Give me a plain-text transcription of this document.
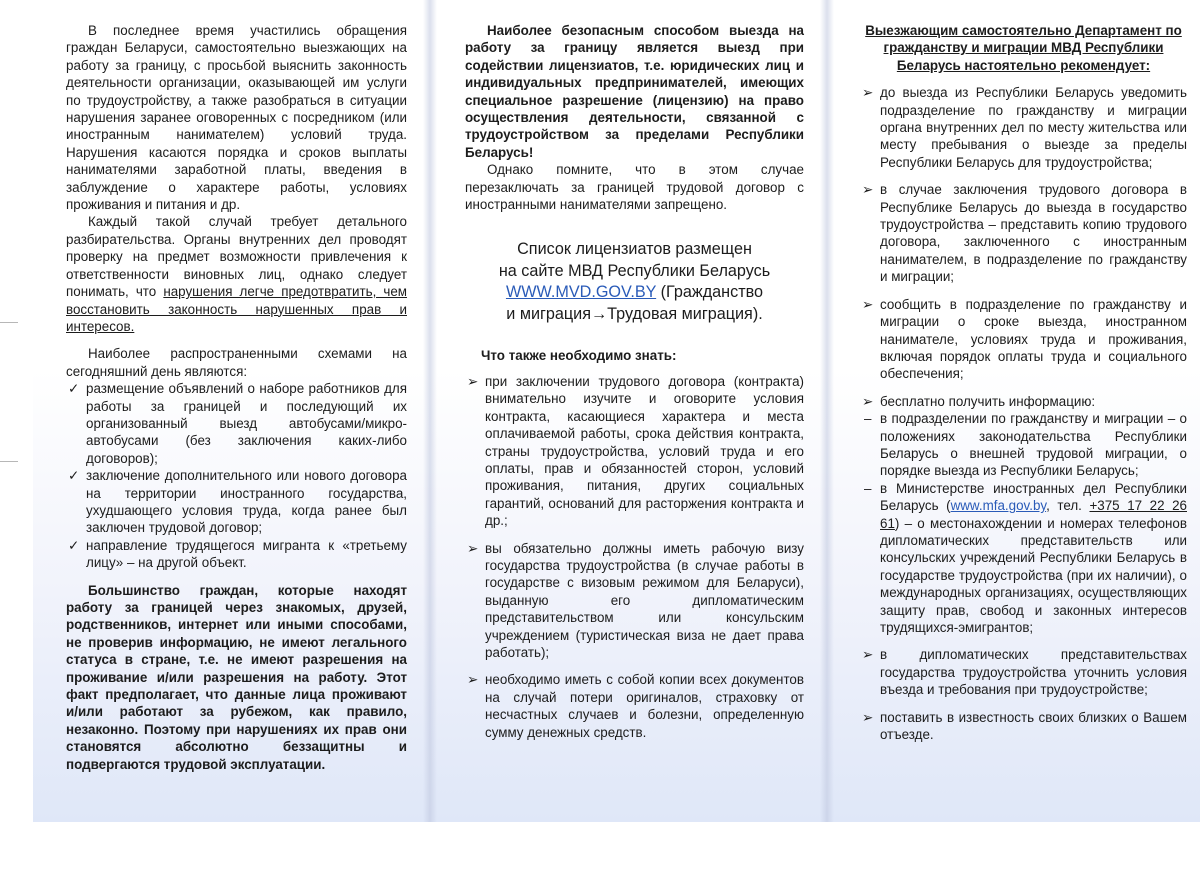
В последнее время участились обращения граждан Беларуси, самостоятельно выезжающих на работу за границу, с просьбой выяснить законность деятельности организации, оказывающей им услуги по трудоустройству, а также разобраться в ситуации нарушения заранее оговоренных с посредником (или иностранным нанимателем) условий труда. Нарушения касаются порядка и сроков выплаты нанимателями заработной платы, введения в заблуждение о характере работы, условиях проживания и питания и др.

Каждый такой случай требует детального разбирательства. Органы внутренних дел проводят проверку на предмет возможности привлечения к ответственности виновных лиц, однако следует понимать, что нарушения легче предотвратить, чем восстановить законность нарушенных прав и интересов.

Наиболее распространенными схемами на сегодняшний день являются:

✓ размещение объявлений о наборе работников для работы за границей и последующий их организованный выезд автобусами/микро-автобусами (без заключения каких-либо договоров);
✓ заключение дополнительного или нового договора на территории иностранного государства, ухудшающего условия труда, когда ранее был заключен трудовой договор;
✓ направление трудящегося мигранта к «третьему лицу» – на другой объект.

Большинство граждан, которые находят работу за границей через знакомых, друзей, родственников, интернет или иными способами, не проверив информацию, не имеют легального статуса в стране, т.е. не имеют разрешения на проживание и/или разрешения на работу. Этот факт предполагает, что данные лица проживают и/или работают за рубежом, как правило, незаконно. Поэтому при нарушениях их прав они становятся абсолютно беззащитны и подвергаются трудовой эксплуатации.

Наиболее безопасным способом выезда на работу за границу является выезд при содействии лицензиатов, т.е. юридических лиц и индивидуальных предпринимателей, имеющих специальное разрешение (лицензию) на право осуществления деятельности, связанной с трудоустройством за пределами Республики Беларусь!

Однако помните, что в этом случае перезаключать за границей трудовой договор с иностранными нанимателями запрещено.

Список лицензиатов размещен
на сайте МВД Республики Беларусь
WWW.MVD.GOV.BY (Гражданство
и миграция→Трудовая миграция).

Что также необходимо знать:

➢ при заключении трудового договора (контракта) внимательно изучите и оговорите условия контракта, касающиеся характера и места оплачиваемой работы, срока действия контракта, страны трудоустройства, условий труда и его оплаты, прав и обязанностей сторон, условий проживания, питания, других социальных гарантий, оснований для расторжения контракта и др.;
➢ вы обязательно должны иметь рабочую визу государства трудоустройства (в случае работы в государстве с визовым режимом для Беларуси), выданную его дипломатическим представительством или консульским учреждением (туристическая виза не дает права работать);
➢ необходимо иметь с собой копии всех документов на случай потери оригиналов, страховку от несчастных случаев и болезни, определенную сумму денежных средств.

Выезжающим самостоятельно Департамент по гражданству и миграции МВД Республики Беларусь настоятельно рекомендует:

➢ до выезда из Республики Беларусь уведомить подразделение по гражданству и миграции органа внутренних дел по месту жительства или месту пребывания о выезде за пределы Республики Беларусь для трудоустройства;
➢ в случае заключения трудового договора в Республике Беларусь до выезда в государство трудоустройства – представить копию трудового договора, заключенного с иностранным нанимателем, в подразделение по гражданству и миграции;
➢ сообщить в подразделение по гражданству и миграции о сроке выезда, иностранном нанимателе, условиях труда и проживания, включая порядок оплаты труда и социального обеспечения;
➢ бесплатно получить информацию:
– в подразделении по гражданству и миграции – о положениях законодательства Республики Беларусь о внешней трудовой миграции, о порядке выезда из Республики Беларусь;
– в Министерстве иностранных дел Республики Беларусь (www.mfa.gov.by, тел. +375 17 22 26 61) – о местонахождении и номерах телефонов дипломатических представительств или консульских учреждений Республики Беларусь в государстве трудоустройства (при их наличии), о международных организациях, осуществляющих защиту прав, свобод и законных интересов трудящихся-эмигрантов;
➢ в дипломатических представительствах государства трудоустройства уточнить условия въезда и требования при трудоустройстве;
➢ поставить в известность своих близких о Вашем отъезде.
